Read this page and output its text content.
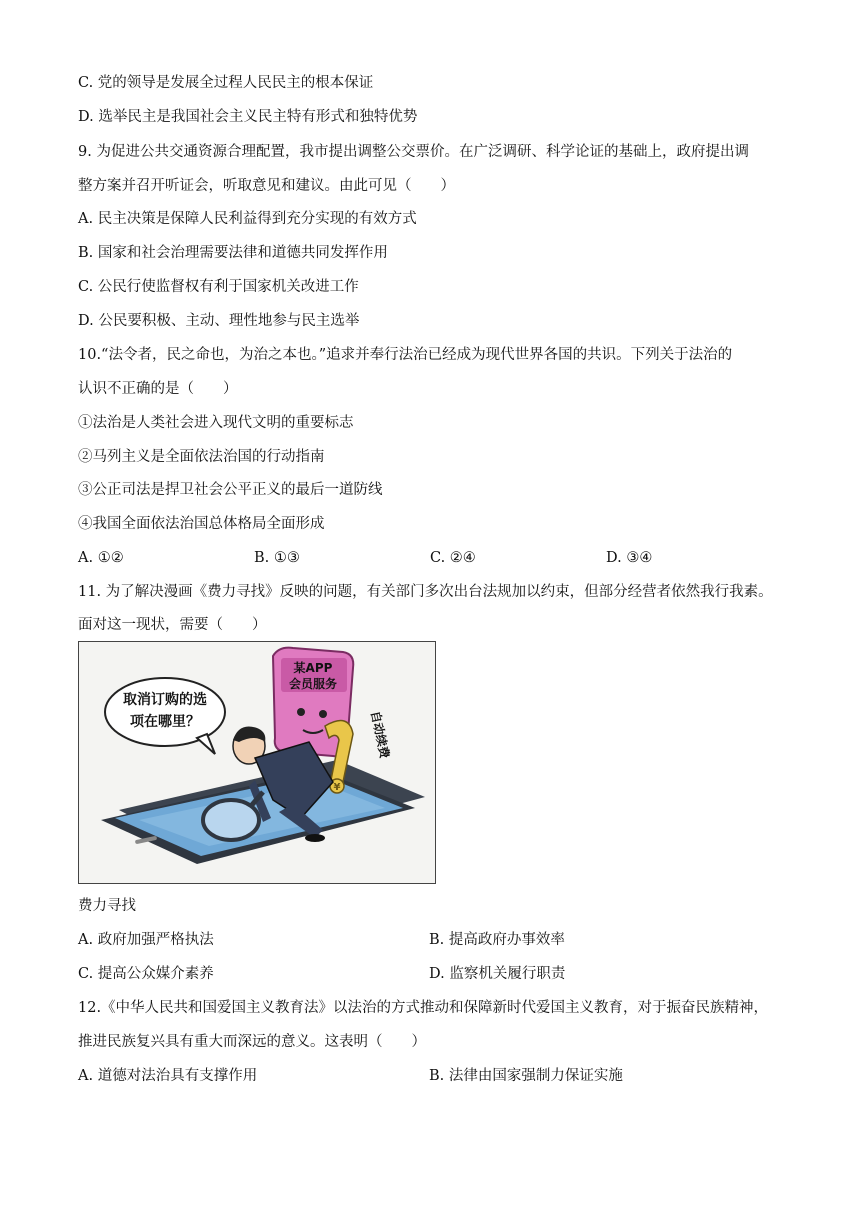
C. 党的领导是发展全过程人民民主的根本保证
D. 选举民主是我国社会主义民主特有形式和独特优势
9. 为促进公共交通资源合理配置，我市提出调整公交票价。在广泛调研、科学论证的基础上，政府提出调
整方案并召开听证会，听取意见和建议。由此可见（　　）
A. 民主决策是保障人民利益得到充分实现的有效方式
B. 国家和社会治理需要法律和道德共同发挥作用
C. 公民行使监督权有利于国家机关改进工作
D. 公民要积极、主动、理性地参与民主选举
10.“法令者，民之命也，为治之本也。”追求并奉行法治已经成为现代世界各国的共识。下列关于法治的
认识不正确的是（　　）
①法治是人类社会进入现代文明的重要标志
②马列主义是全面依法治国的行动指南
③公正司法是捍卫社会公平正义的最后一道防线
④我国全面依法治国总体格局全面形成
A. ①②	B. ①③	C. ②④	D. ③④
11. 为了解决漫画《费力寻找》反映的问题，有关部门多次出台法规加以约束，但部分经营者依然我行我素。
面对这一现状，需要（　　）
取消订购的选
项在哪里？
某APP
会员服务
自动续费
¥
费力寻找
A. 政府加强严格执法	B. 提高政府办事效率
C. 提高公众媒介素养	D. 监察机关履行职责
12.《中华人民共和国爱国主义教育法》以法治的方式推动和保障新时代爱国主义教育，对于振奋民族精神，
推进民族复兴具有重大而深远的意义。这表明（　　）
A. 道德对法治具有支撑作用	B. 法律由国家强制力保证实施
